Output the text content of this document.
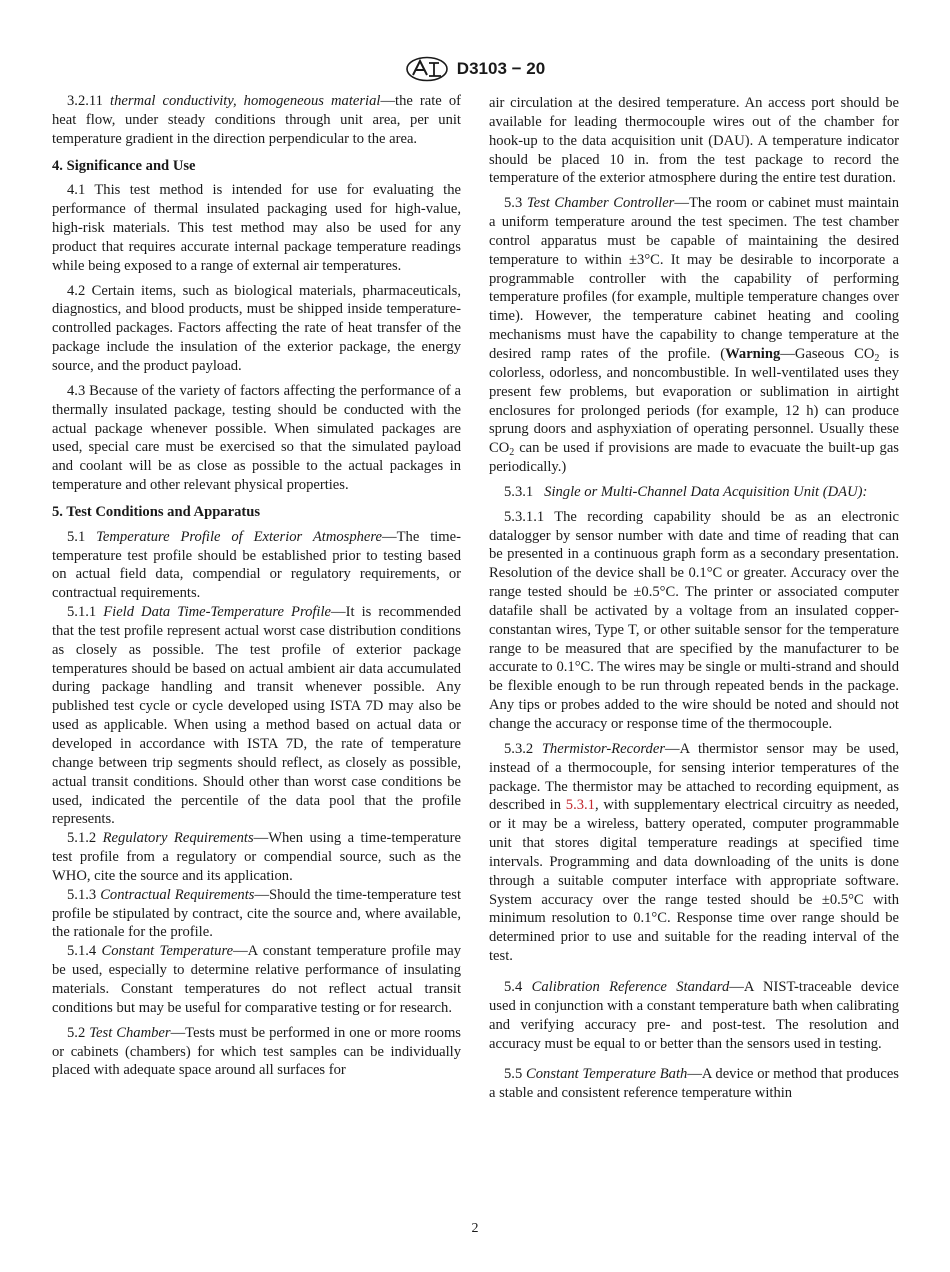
D3103 − 20

3.2.11 thermal conductivity, homogeneous material—the rate of heat flow, under steady conditions through unit area, per unit temperature gradient in the direction perpendicular to the area.

4. Significance and Use

4.1 This test method is intended for use for evaluating the performance of thermal insulated packaging used for high-value, high-risk materials. This test method may also be used for any product that requires accurate internal package temperature readings while being exposed to a range of external air temperatures.

4.2 Certain items, such as biological materials, pharmaceuticals, diagnostics, and blood products, must be shipped inside temperature-controlled packages. Factors affecting the rate of heat transfer of the package include the insulation of the exterior package, the energy source, and the product payload.

4.3 Because of the variety of factors affecting the performance of a thermally insulated package, testing should be conducted with the actual package whenever possible. When simulated packages are used, special care must be exercised so that the simulated payload and coolant will be as close as possible to the actual packages in temperature and other relevant physical properties.

5. Test Conditions and Apparatus

5.1 Temperature Profile of Exterior Atmosphere—The time-temperature test profile should be established prior to testing based on actual field data, compendial or regulatory requirements, or contractual requirements.

5.1.1 Field Data Time-Temperature Profile—It is recommended that the test profile represent actual worst case distribution conditions as closely as possible. The test profile of exterior package temperatures should be based on actual ambient air data accumulated during package handling and transit whenever possible. Any published test cycle or cycle developed using ISTA 7D may also be used as applicable. When using a method based on actual data or developed in accordance with ISTA 7D, the rate of temperature change between trip segments should reflect, as closely as possible, actual transit conditions. Should other than worst case conditions be used, indicated the percentile of the data pool that the profile represents.

5.1.2 Regulatory Requirements—When using a time-temperature test profile from a regulatory or compendial source, such as the WHO, cite the source and its application.

5.1.3 Contractual Requirements—Should the time-temperature test profile be stipulated by contract, cite the source and, where available, the rationale for the profile.

5.1.4 Constant Temperature—A constant temperature profile may be used, especially to determine relative performance of insulating materials. Constant temperatures do not reflect actual transit conditions but may be useful for comparative testing or for research.

5.2 Test Chamber—Tests must be performed in one or more rooms or cabinets (chambers) for which test samples can be individually placed with adequate space around all surfaces for

air circulation at the desired temperature. An access port should be available for leading thermocouple wires out of the chamber for hook-up to the data acquisition unit (DAU). A temperature indicator should be placed 10 in. from the test package to record the temperature of the exterior atmosphere during the entire test duration.

5.3 Test Chamber Controller—The room or cabinet must maintain a uniform temperature around the test specimen. The test chamber control apparatus must be capable of maintaining the desired temperature to within ±3°C. It may be desirable to incorporate a programmable controller with the capability of performing temperature profiles (for example, multiple temperature changes over time). However, the temperature cabinet heating and cooling mechanisms must have the capability to change temperature at the desired ramp rates of the profile. (Warning—Gaseous $CO_2$ is colorless, odorless, and noncombustible. In well-ventilated uses they present few problems, but evaporation or sublimation in airtight enclosures for prolonged periods (for example, 12 h) can produce sprung doors and asphyxiation of operating personnel. Usually these $CO_2$ can be used if provisions are made to evacuate the built-up gas periodically.)

5.3.1 Single or Multi-Channel Data Acquisition Unit (DAU):

5.3.1.1 The recording capability should be as an electronic datalogger by sensor number with date and time of reading that can be presented in a continuous graph form as a secondary presentation. Resolution of the device shall be 0.1°C or greater. Accuracy over the range tested should be ±0.5°C. The printer or associated computer datafile shall be activated by a voltage from an insulated copper-constantan wires, Type T, or other suitable sensor for the temperature range to be measured that are specified by the manufacturer to be accurate to 0.1°C. The wires may be single or multi-strand and should be flexible enough to be run through repeated bends in the package. Any tips or probes added to the wire should be noted and should not change the accuracy or response time of the thermocouple.

5.3.2 Thermistor-Recorder—A thermistor sensor may be used, instead of a thermocouple, for sensing interior temperatures of the package. The thermistor may be attached to recording equipment, as described in 5.3.1, with supplementary electrical circuitry as needed, or it may be a wireless, battery operated, computer programmable unit that stores digital temperature readings at specified time intervals. Programming and data downloading of the units is done through a suitable computer interface with appropriate software. System accuracy over the range tested should be ±0.5°C with minimum resolution to 0.1°C. Response time over range should be determined prior to use and suitable for the reading interval of the test.

5.4 Calibration Reference Standard—A NIST-traceable device used in conjunction with a constant temperature bath when calibrating and verifying accuracy pre- and post-test. The resolution and accuracy must be equal to or better than the sensors used in testing.

5.5 Constant Temperature Bath—A device or method that produces a stable and consistent reference temperature within

2
